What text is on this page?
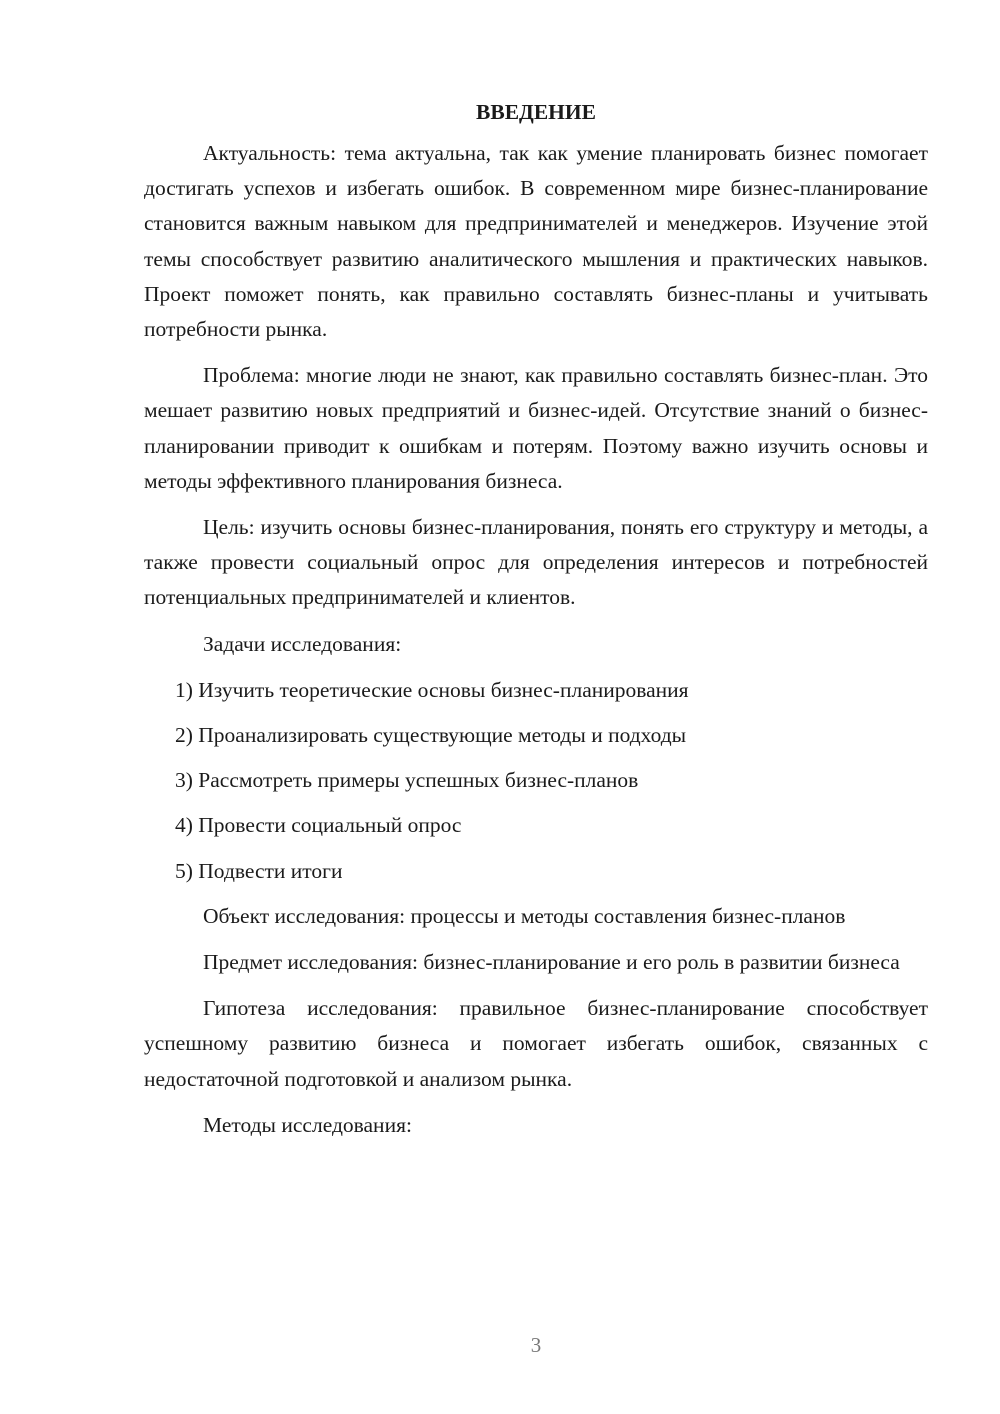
ВВЕДЕНИЕ

Актуальность: тема актуальна, так как умение планировать бизнес помогает достигать успехов и избегать ошибок. В современном мире бизнес-планирование становится важным навыком для предпринимателей и менеджеров. Изучение этой темы способствует развитию аналитического мышления и практических навыков. Проект поможет понять, как правильно составлять бизнес-планы и учитывать потребности рынка.

Проблема: многие люди не знают, как правильно составлять бизнес-план. Это мешает развитию новых предприятий и бизнес-идей. Отсутствие знаний о бизнес-планировании приводит к ошибкам и потерям. Поэтому важно изучить основы и методы эффективного планирования бизнеса.

Цель: изучить основы бизнес-планирования, понять его структуру и методы, а также провести социальный опрос для определения интересов и потребностей потенциальных предпринимателей и клиентов.

Задачи исследования:

1) Изучить теоретические основы бизнес-планирования

2) Проанализировать существующие методы и подходы

3) Рассмотреть примеры успешных бизнес-планов

4) Провести социальный опрос

5) Подвести итоги

Объект исследования: процессы и методы составления бизнес-планов

Предмет исследования: бизнес-планирование и его роль в развитии бизнеса

Гипотеза исследования: правильное бизнес-планирование способствует успешному развитию бизнеса и помогает избегать ошибок, связанных с недостаточной подготовкой и анализом рынка.

Методы исследования:

3
